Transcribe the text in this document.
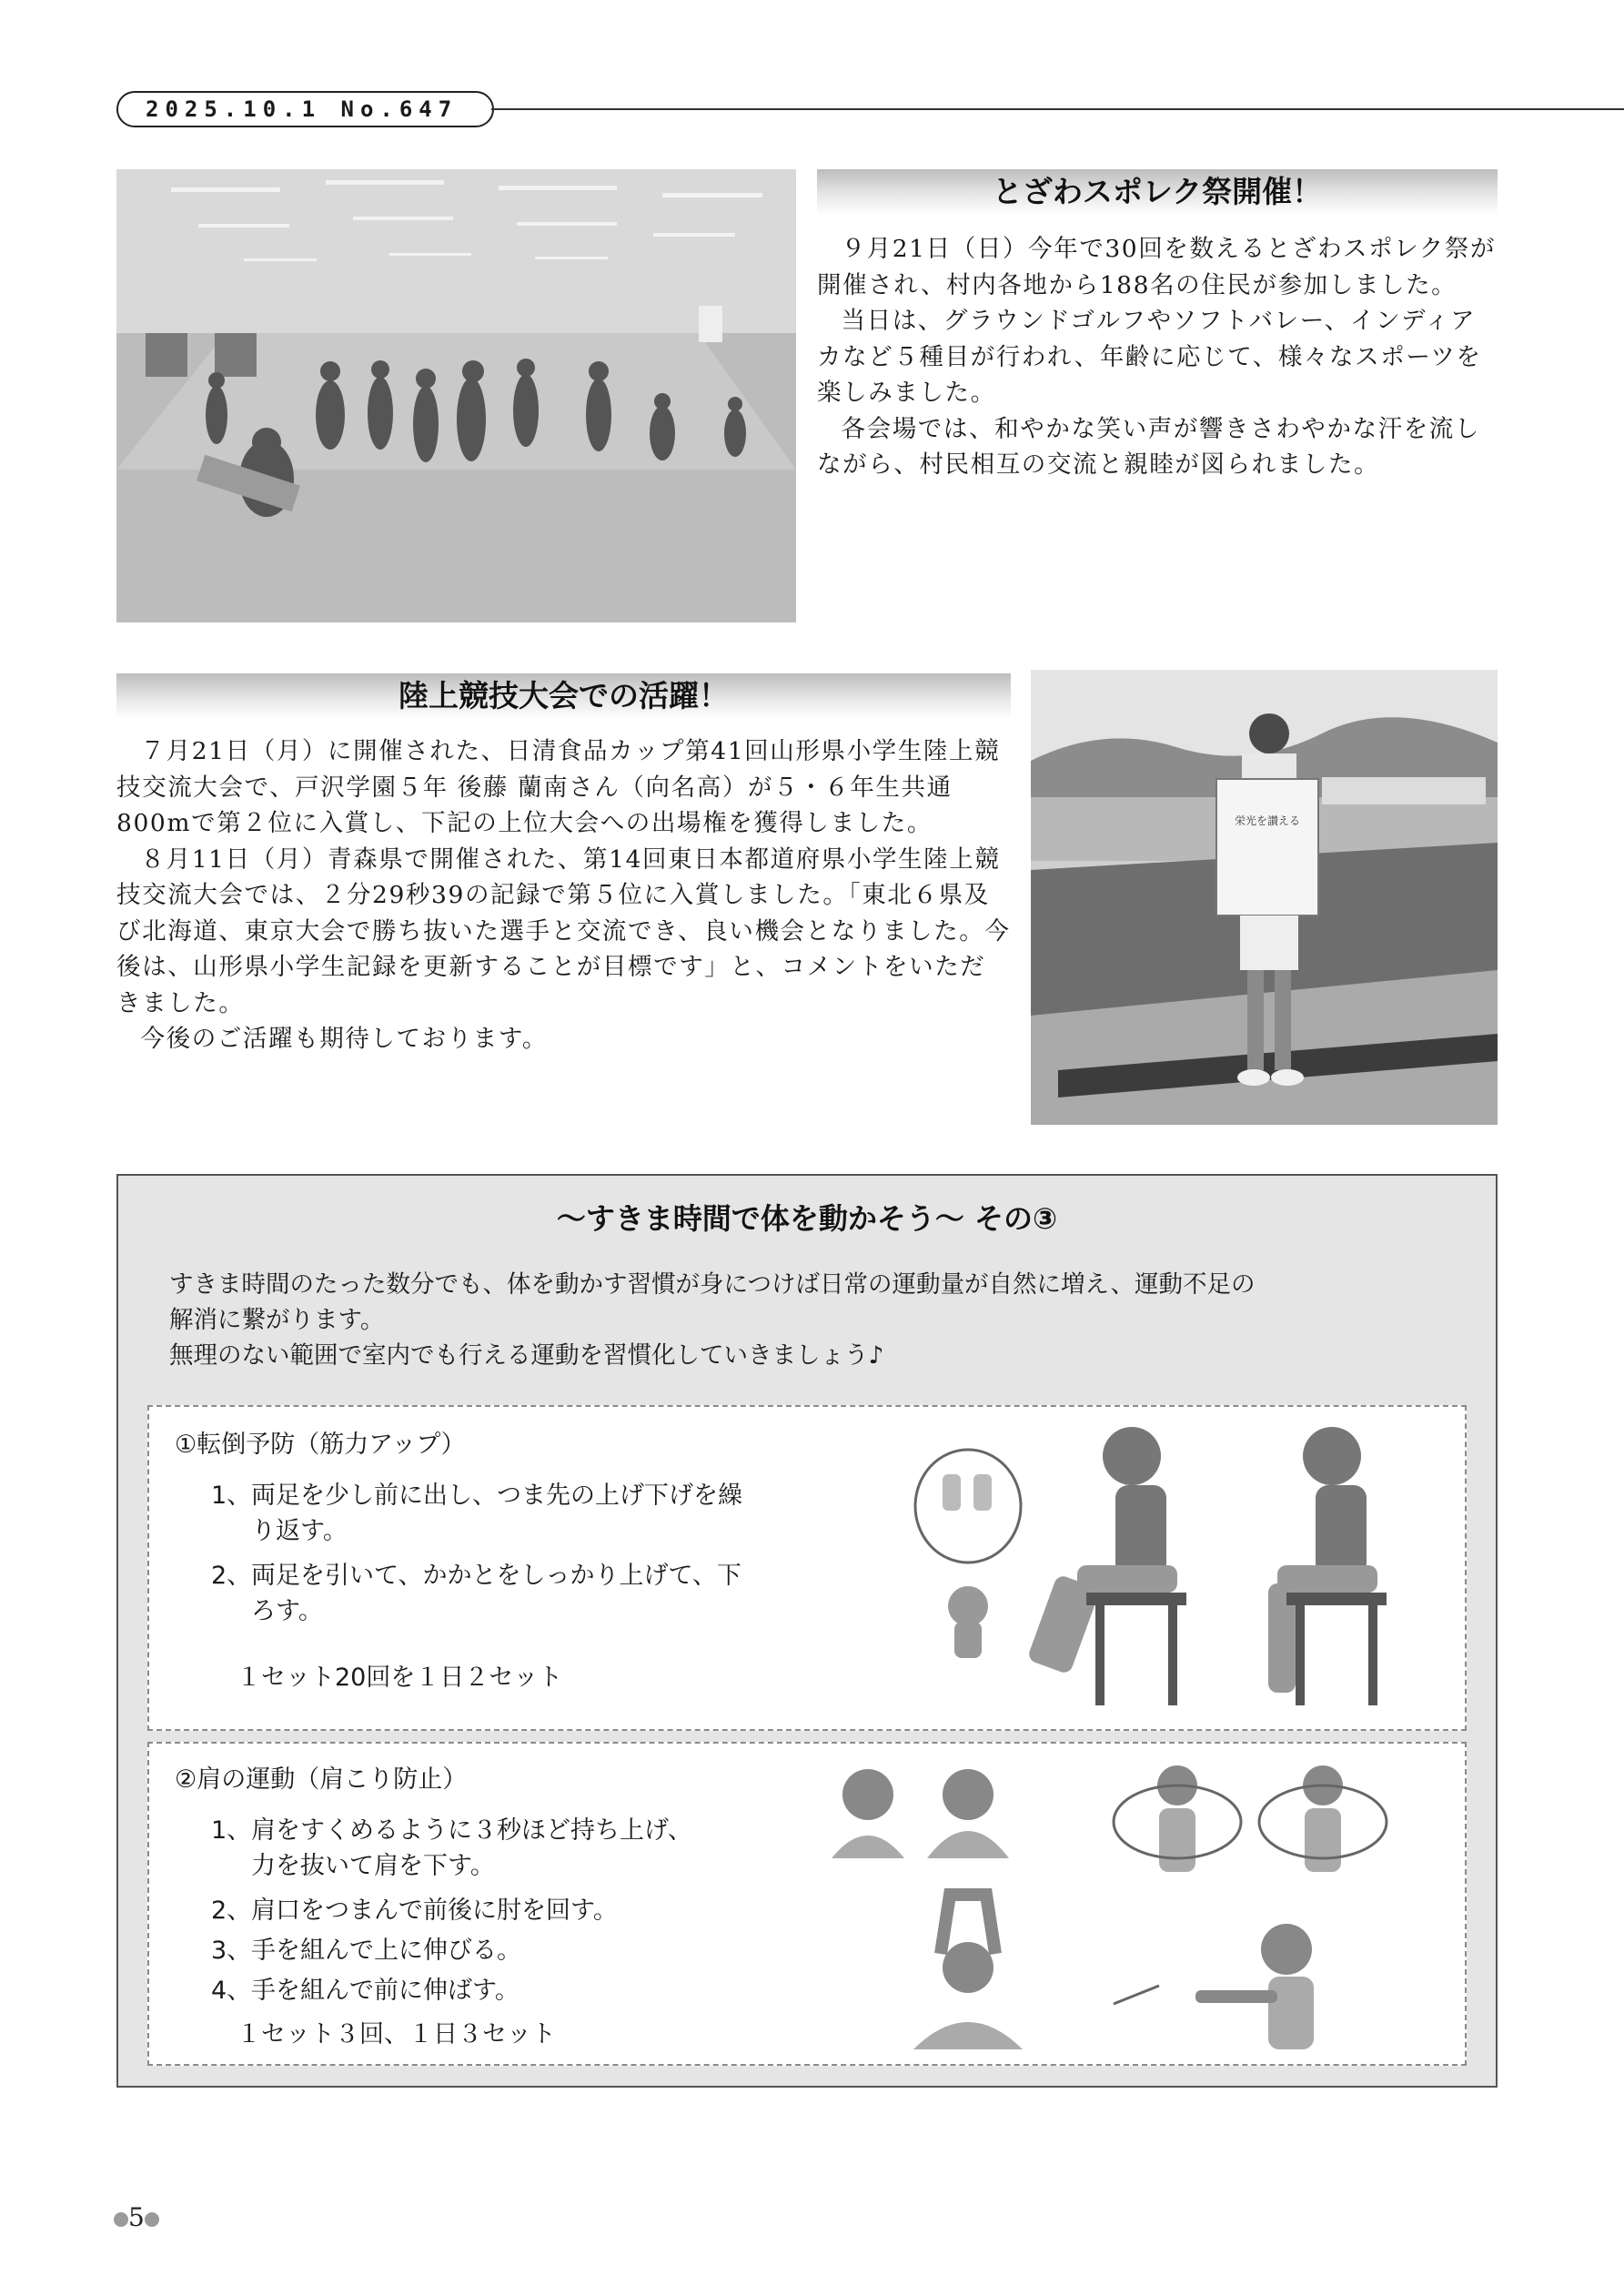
2025.10.1 No.647
とざわスポレク祭開催！

９月21日（日）今年で30回を数えるとざわスポレク祭が開催され、村内各地から188名の住民が参加しました。

当日は、グラウンドゴルフやソフトバレー、インディアカなど５種目が行われ、年齢に応じて、様々なスポーツを楽しみました。

各会場では、和やかな笑い声が響きさわやかな汗を流しながら、村民相互の交流と親睦が図られました。

陸上競技大会での活躍！

７月21日（月）に開催された、日清食品カップ第41回山形県小学生陸上競技交流大会で、戸沢学園５年 後藤 蘭南さん（向名高）が５・６年生共通800mで第２位に入賞し、下記の上位大会への出場権を獲得しました。

８月11日（月）青森県で開催された、第14回東日本都道府県小学生陸上競技交流大会では、２分29秒39の記録で第５位に入賞しました。「東北６県及び北海道、東京大会で勝ち抜いた選手と交流でき、良い機会となりました。今後は、山形県小学生記録を更新することが目標です」と、コメントをいただきました。

今後のご活躍も期待しております。

栄光を讃える
～すきま時間で体を動かそう～ その③

すきま時間のたった数分でも、体を動かす習慣が身につけば日常の運動量が自然に増え、運動不足の

解消に繋がります。

無理のない範囲で室内でも行える運動を習慣化していきましょう♪

①転倒予防（筋力アップ）
1、両足を少し前に出し、つま先の上げ下げを繰
り返す。
2、両足を引いて、かかとをしっかり上げて、下
ろす。
１セット20回を１日２セット
②肩の運動（肩こり防止）
1、肩をすくめるように３秒ほど持ち上げ、
力を抜いて肩を下す。
2、肩口をつまんで前後に肘を回す。
3、手を組んで上に伸びる。
4、手を組んで前に伸ばす。
１セット３回、１日３セット
5
